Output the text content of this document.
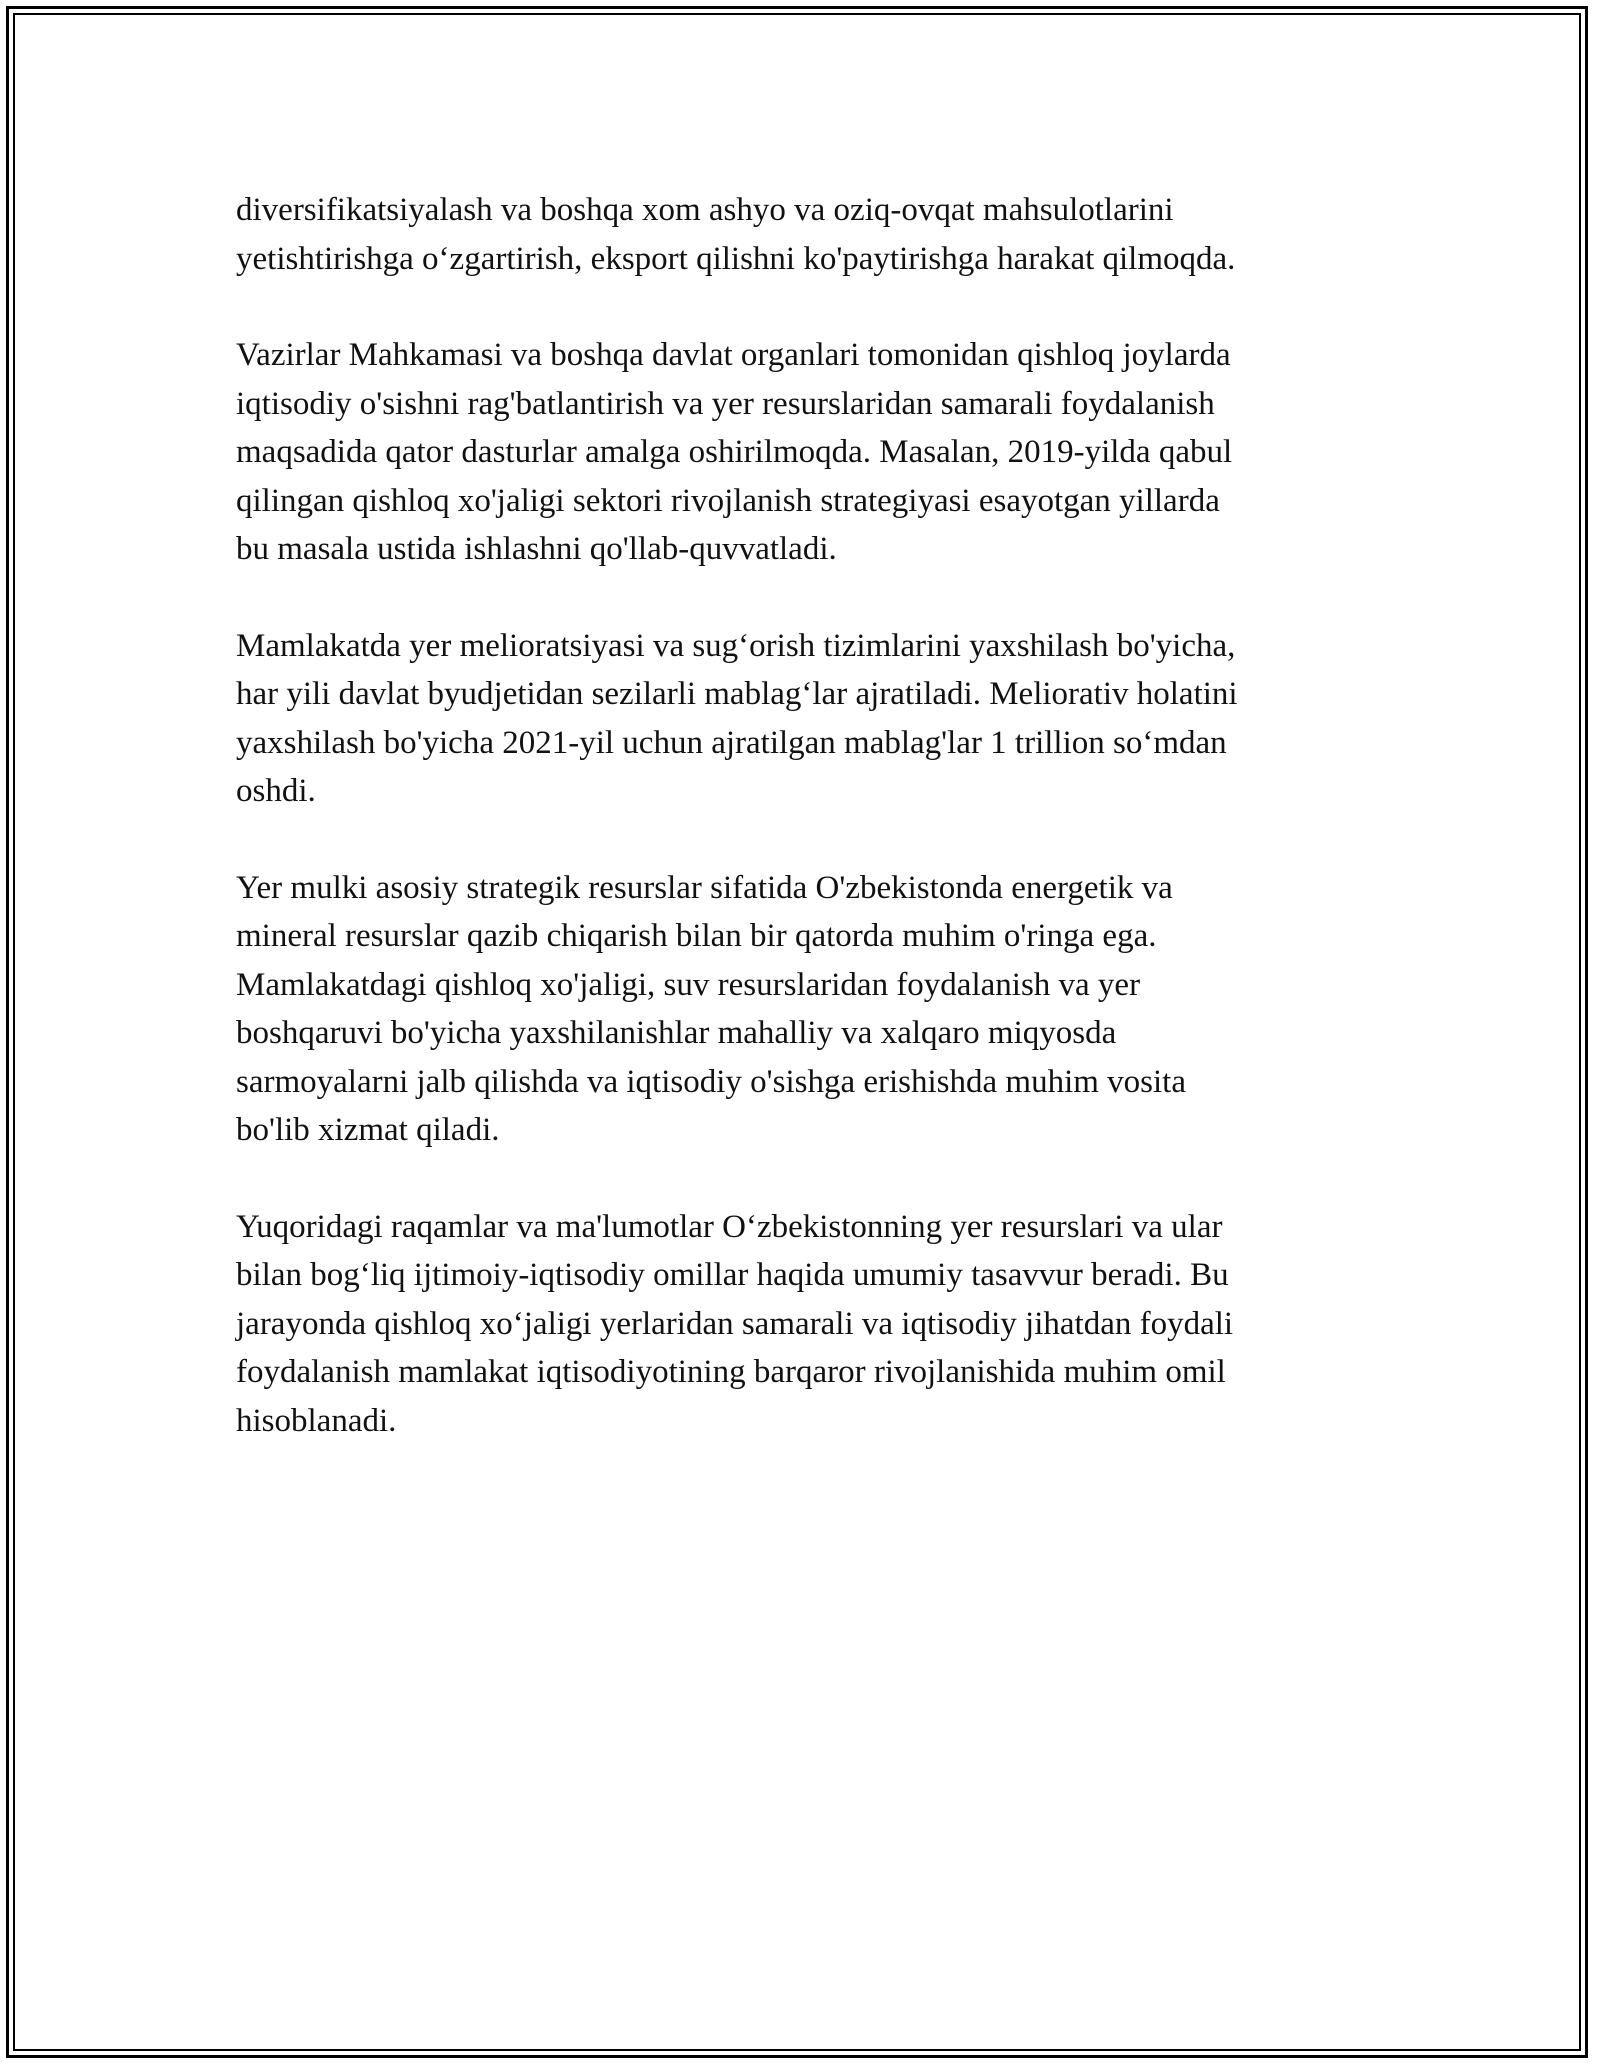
diversifikatsiyalash va boshqa xom ashyo va oziq-ovqat mahsulotlarini
yetishtirishga o‘zgartirish, eksport qilishni ko'paytirishga harakat qilmoqda.

Vazirlar Mahkamasi va boshqa davlat organlari tomonidan qishloq joylarda
iqtisodiy o'sishni rag'batlantirish va yer resurslaridan samarali foydalanish
maqsadida qator dasturlar amalga oshirilmoqda. Masalan, 2019-yilda qabul
qilingan qishloq xo'jaligi sektori rivojlanish strategiyasi esayotgan yillarda
bu masala ustida ishlashni qo'llab-quvvatladi.

Mamlakatda yer melioratsiyasi va sug‘orish tizimlarini yaxshilash bo'yicha,
har yili davlat byudjetidan sezilarli mablag‘lar ajratiladi. Meliorativ holatini
yaxshilash bo'yicha 2021-yil uchun ajratilgan mablag'lar 1 trillion so‘mdan
oshdi.

Yer mulki asosiy strategik resurslar sifatida O'zbekistonda energetik va
mineral resurslar qazib chiqarish bilan bir qatorda muhim o'ringa ega.
Mamlakatdagi qishloq xo'jaligi, suv resurslaridan foydalanish va yer
boshqaruvi bo'yicha yaxshilanishlar mahalliy va xalqaro miqyosda
sarmoyalarni jalb qilishda va iqtisodiy o'sishga erishishda muhim vosita
bo'lib xizmat qiladi.

Yuqoridagi raqamlar va ma'lumotlar O‘zbekistonning yer resurslari va ular
bilan bog‘liq ijtimoiy-iqtisodiy omillar haqida umumiy tasavvur beradi. Bu
jarayonda qishloq xo‘jaligi yerlaridan samarali va iqtisodiy jihatdan foydali
foydalanish mamlakat iqtisodiyotining barqaror rivojlanishida muhim omil
hisoblanadi.
